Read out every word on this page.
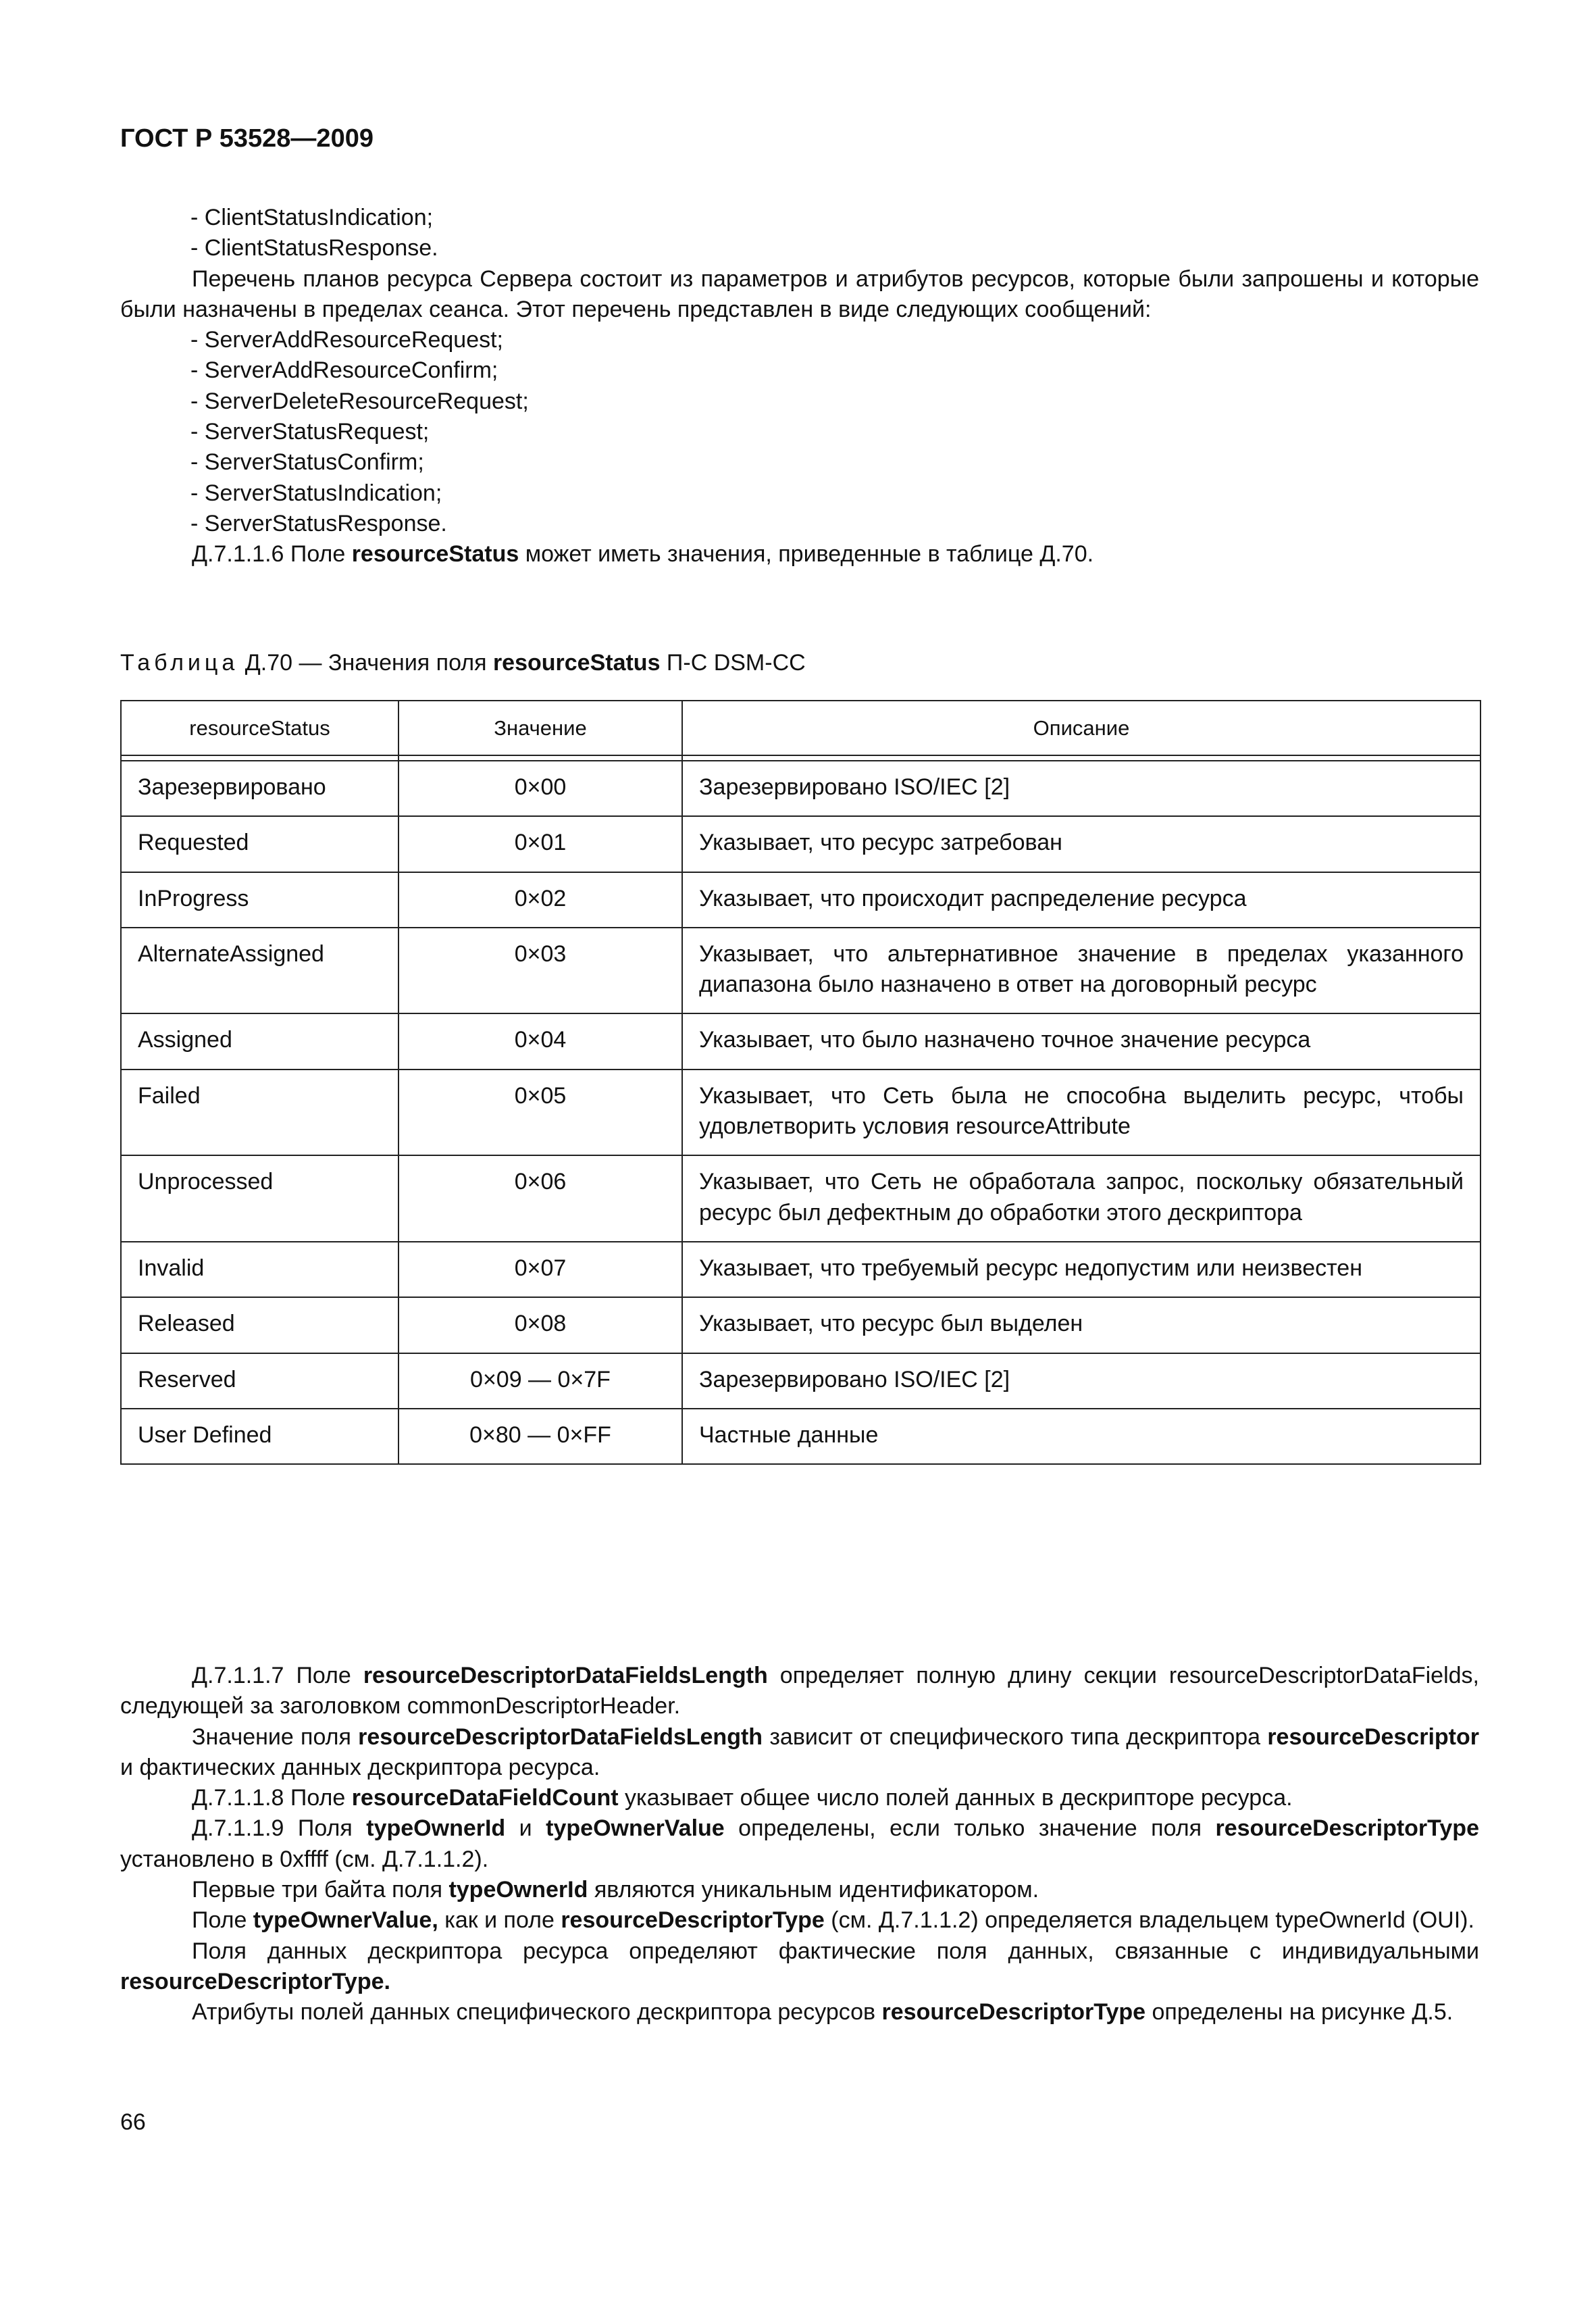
ГОСТ Р 53528—2009

- ClientStatusIndication;

- ClientStatusResponse.

Перечень планов ресурса Сервера состоит из параметров и атрибутов ресурсов, которые были запрошены и которые были назначены в пределах сеанса. Этот перечень представлен в виде следующих сообщений:

- ServerAddResourceRequest;

- ServerAddResourceConfirm;

- ServerDeleteResourceRequest;

- ServerStatusRequest;

- ServerStatusConfirm;

- ServerStatusIndication;

- ServerStatusResponse.

Д.7.1.1.6 Поле resourceStatus может иметь значения, приведенные в таблице Д.70.

Таблица Д.70 — Значения поля resourceStatus П-С DSM-CC
resourceStatus	Значение	Описание

Зарезервировано	0×00	Зарезервировано ISO/IEC [2]
Requested	0×01	Указывает, что ресурс затребован
InProgress	0×02	Указывает, что происходит распределение ресурса
AlternateAssigned	0×03	Указывает, что альтернативное значение в пределах указанного диапазона было назначено в ответ на договорный ресурс
Assigned	0×04	Указывает, что было назначено точное значение ресурса
Failed	0×05	Указывает, что Сеть была не способна выделить ресурс, чтобы удовлетворить условия resourceAttribute
Unprocessed	0×06	Указывает, что Сеть не обработала запрос, поскольку обязательный ресурс был дефектным до обработки этого дескриптора
Invalid	0×07	Указывает, что требуемый ресурс недопустим или неизвестен
Released	0×08	Указывает, что ресурс был выделен
Reserved	0×09 — 0×7F	Зарезервировано ISO/IEC [2]
User Defined	0×80 — 0×FF	Частные данные

Д.7.1.1.7 Поле resourceDescriptorDataFieldsLength определяет полную длину секции resourceDescriptorDataFields, следующей за заголовком commonDescriptorHeader.

Значение поля resourceDescriptorDataFieldsLength зависит от специфического типа дескриптора resourceDescriptor и фактических данных дескриптора ресурса.

Д.7.1.1.8 Поле resourceDataFieldCount указывает общее число полей данных в дескрипторе ресурса.

Д.7.1.1.9 Поля typeOwnerId и typeOwnerValue определены, если только значение поля resourceDescriptorType установлено в 0xffff (см. Д.7.1.1.2).

Первые три байта поля typeOwnerId являются уникальным идентификатором.

Поле typeOwnerValue, как и поле resourceDescriptorType (см. Д.7.1.1.2) определяется владельцем typeOwnerId (OUI).

Поля данных дескриптора ресурса определяют фактические поля данных, связанные с индивидуальными resourceDescriptorType.

Атрибуты полей данных специфического дескриптора ресурсов resourceDescriptorType определены на рисунке Д.5.

66
